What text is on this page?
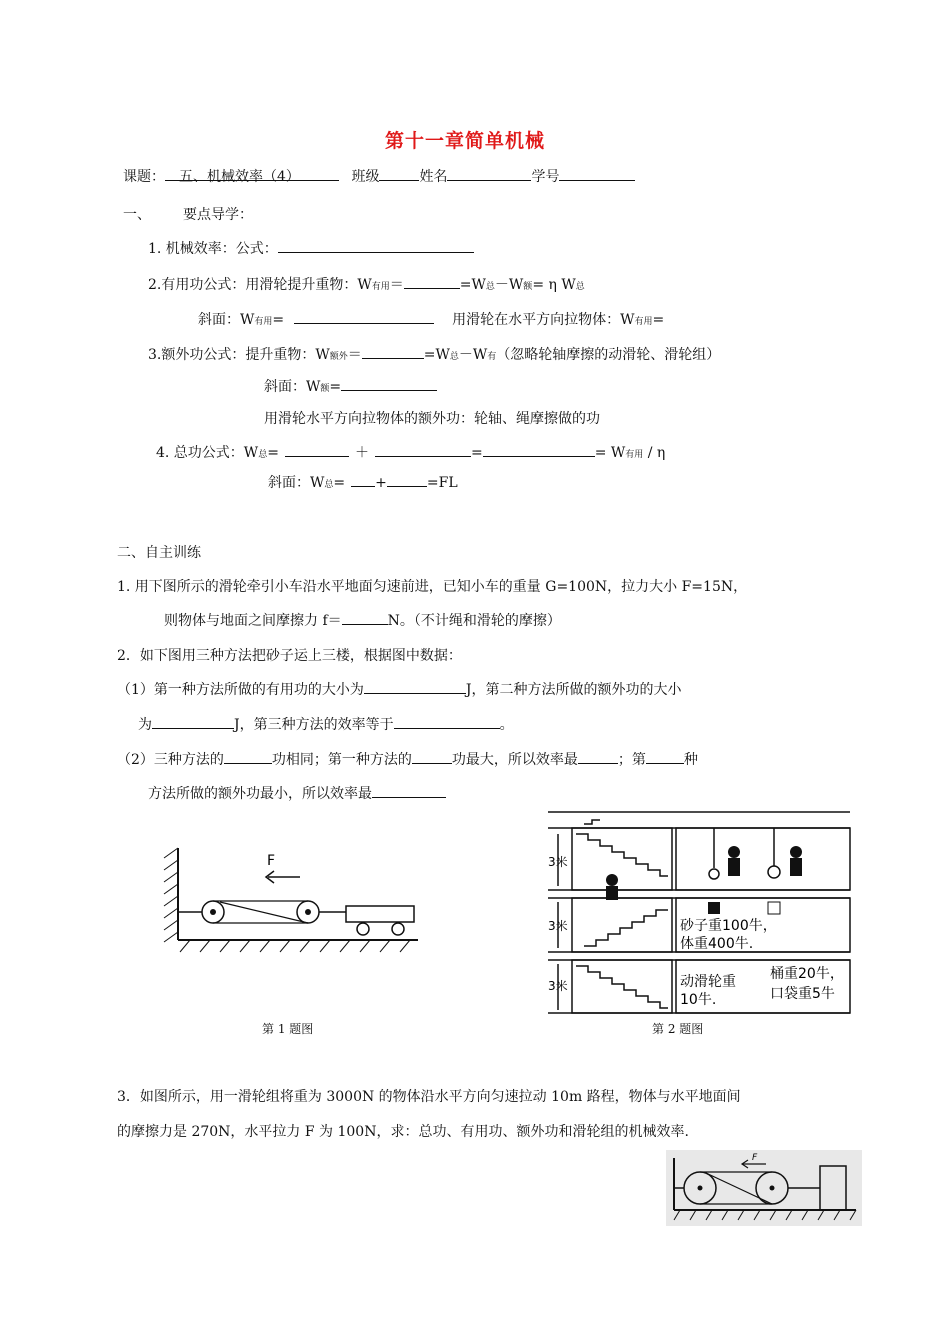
第十一章简单机械
课题： 五、机械效率（4）	班级	姓名	学号
一、 要点导学：
1. 机械效率：公式：
2.有用功公式：用滑轮提升重物：W有用＝	=W总－W额= η W总
斜面：W有用=	用滑轮在水平方向拉物体：W有用=
3.额外功公式：提升重物：W额外＝	=W总－W有（忽略轮轴摩擦的动滑轮、滑轮组）
斜面：W额=
用滑轮水平方向拉物体的额外功：轮轴、绳摩擦做的功
4. 总功公式：W总=	＋	=	= W有用 / η
斜面：W总= +	=FL
二、自主训练
1. 用下图所示的滑轮牵引小车沿水平地面匀速前进，已知小车的重量 G=100N，拉力大小 F=15N，
则物体与地面之间摩擦力 f＝	N。（不计绳和滑轮的摩擦）
2．如下图用三种方法把砂子运上三楼，根据图中数据：
（1）第一种方法所做的有用功的大小为	J，第二种方法所做的额外功的大小
为	J，第三种方法的效率等于	。
（2）三种方法的	功相同；第一种方法的	功最大，所以效率最	；第	种
方法所做的额外功最小，所以效率最
F
第 1 题图
3米
3米
3米
砂子重100牛，
体重400牛.
动滑轮重
10牛.
桶重20牛，
口袋重5牛
第 2 题图
3．如图所示，用一滑轮组将重为 3000N 的物体沿水平方向匀速拉动 10m 路程，物体与水平地面间
的摩擦力是 270N，水平拉力 F 为 100N，求：总功、有用功、额外功和滑轮组的机械效率.
F
